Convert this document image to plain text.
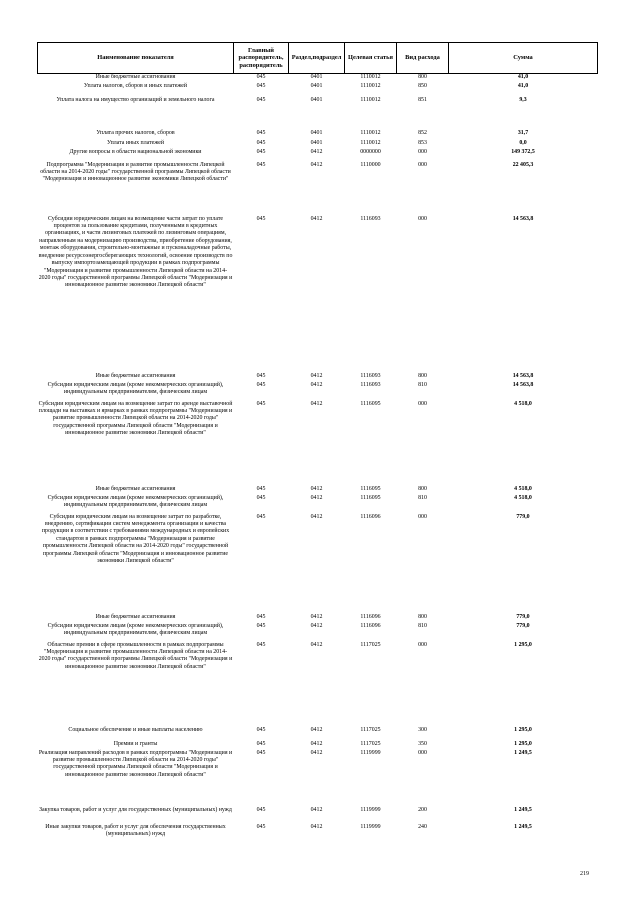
Наименование показателя	Главный распорядитель, распорядитель	Раздел,подраздел	Целевая статья	Вид расхода	Сумма
Иные бюджетные ассигнования	045	0401	1110012	800	41,0
Уплата налогов, сборов и иных платежей	045	0401	1110012	850	41,0
Уплата налога на имущество организаций и земельного налога	045	0401	1110012	851	9,3
Уплата прочих налогов, сборов	045	0401	1110012	852	31,7
Уплата иных платежей	045	0401	1110012	853	0,0
Другие вопросы в области национальной экономики	045	0412	0000000	000	149 372,5
Подпрограмма "Модернизация и развитие промышленности Липецкой области на 2014-2020 годы" государственной программы Липецкой области "Модернизация и инновационное развитие экономики Липецкой области"	045	0412	1110000	000	22 405,3
Субсидии юридическим лицам на возмещение части затрат по уплате процентов за пользование кредитами, полученными в кредитных организациях, и части лизинговых платежей по лизинговым операциям, направленным на модернизацию производства, приобретение оборудования, монтаж оборудования, строительно-монтажные и пусконаладочные работы, внедрение ресурсоэнергосберегающих технологий, освоение производств по выпуску импортозамещающей продукции в рамках подпрограммы "Модернизация и развитие промышленности Липецкой области на 2014-2020 годы" государственной программы Липецкой области "Модернизация и инновационное развитие экономики Липецкой области"	045	0412	1116093	000	14 563,8
Иные бюджетные ассигнования	045	0412	1116093	800	14 563,8
Субсидии юридическим лицам (кроме некоммерческих организаций), индивидуальным предпринимателям, физическим лицам	045	0412	1116093	810	14 563,8
Субсидии юридическим лицам на возмещение затрат по аренде выставочной площади на выставках и ярмарках в рамках подпрограммы "Модернизация и развитие промышленности Липецкой области на 2014-2020 годы" государственной программы Липецкой области "Модернизация и инновационное развитие экономики Липецкой области"	045	0412	1116095	000	4 518,0
Иные бюджетные ассигнования	045	0412	1116095	800	4 518,0
Субсидии юридическим лицам (кроме некоммерческих организаций), индивидуальным предпринимателям, физическим лицам	045	0412	1116095	810	4 518,0
Субсидии юридическим лицам на возмещение затрат по разработке, внедрению, сертификации систем менеджмента организации и качества продукции в соответствии с требованиями международных и европейских стандартов в рамках подпрограммы "Модернизация и развитие промышленности Липецкой области на 2014-2020 годы" государственной программы Липецкой области "Модернизация и инновационное развитие экономики Липецкой области"	045	0412	1116096	000	779,0
Иные бюджетные ассигнования	045	0412	1116096	800	779,0
Субсидии юридическим лицам (кроме некоммерческих организаций), индивидуальным предпринимателям, физическим лицам	045	0412	1116096	810	779,0
Областные премии в сфере промышленности в рамках подпрограммы "Модернизация и развитие промышленности Липецкой области на 2014-2020 годы" государственной программы Липецкой области "Модернизация и инновационное развитие экономики Липецкой области"	045	0412	1117025	000	1 295,0
Социальное обеспечение и иные выплаты населению	045	0412	1117025	300	1 295,0
Премии и гранты	045	0412	1117025	350	1 295,0
Реализация направлений расходов в рамках подпрограммы "Модернизация и развитие промышленности Липецкой области на 2014-2020 годы" государственной программы Липецкой области "Модернизация и инновационное развитие экономики Липецкой области"	045	0412	1119999	000	1 249,5
Закупка товаров, работ и услуг для государственных (муниципальных) нужд	045	0412	1119999	200	1 249,5
Иные закупки товаров, работ и услуг для обеспечения государственных (муниципальных) нужд	045	0412	1119999	240	1 249,5
219
